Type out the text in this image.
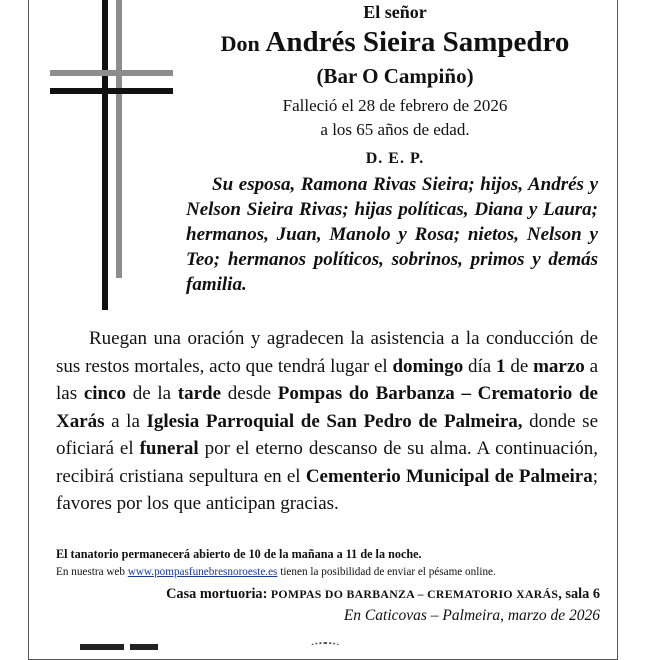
El señor

Don Andrés Sieira Sampedro

(Bar O Campiño)

Falleció el 28 de febrero de 2026

a los 65 años de edad.

D. E. P.

Su esposa, Ramona Rivas Sieira; hijos, Andrés y Nelson Sieira Rivas; hijas políticas, Diana y Laura; hermanos, Juan, Manolo y Rosa; nietos, Nelson y Teo; hermanos políticos, sobrinos, primos y demás familia.

Ruegan una oración y agradecen la asistencia a la conducción de sus restos mortales, acto que tendrá lugar el domingo día 1 de marzo a las cinco de la tarde desde Pompas do Barbanza – Crematorio de Xarás a la Iglesia Parroquial de San Pedro de Palmeira, donde se oficiará el funeral por el eterno descanso de su alma. A continuación, recibirá cristiana sepultura en el Cementerio Municipal de Palmeira; favores por los que anticipan gracias.

El tanatorio permanecerá abierto de 10 de la mañana a 11 de la noche.

En nuestra web www.pompasfunebresnoroeste.es tienen la posibilidad de enviar el pésame online.

Casa mortuoria: POMPAS DO BARBANZA – CREMATORIO XARÁS, sala 6

En Caticovas – Palmeira, marzo de 2026
